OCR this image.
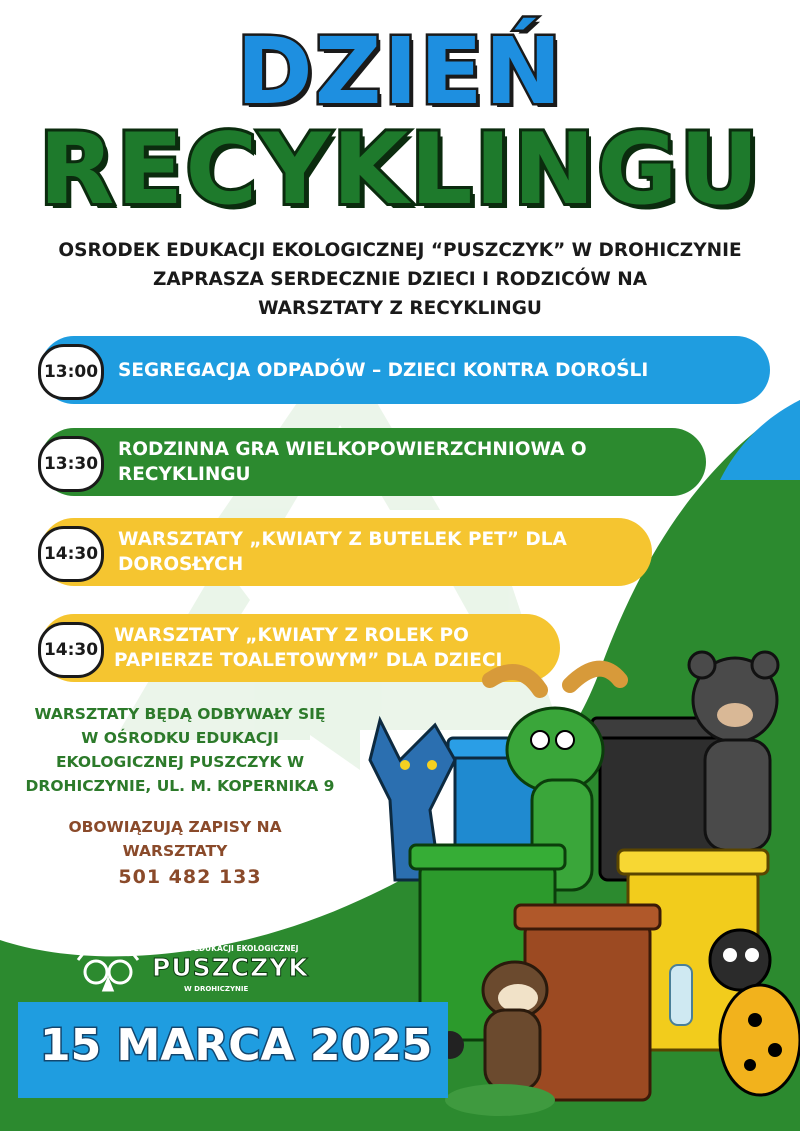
DZIEŃ
RECYKLINGU
OSRODEK EDUKACJI EKOLOGICZNEJ “PUSZCZYK” W DROHICZYNIE
ZAPRASZA SERDECZNIE DZIECI I RODZICÓW NA
WARSZTATY Z RECYKLINGU
13:00	SEGREGACJA ODPADÓW – DZIECI KONTRA DOROŚLI
13:30
RODZINNA GRA WIELKOPOWIERZCHNIOWA O
RECYKLINGU
14:30
WARSZTATY „KWIATY Z BUTELEK PET” DLA
DOROSŁYCH
14:30
WARSZTATY „KWIATY Z ROLEK PO
PAPIERZE TOALETOWYM” DLA DZIECI
WARSZTATY BĘDĄ ODBYWAŁY SIĘ
W OŚRODKU EDUKACJI
EKOLOGICZNEJ PUSZCZYK W
DROHICZYNIE, UL. M. KOPERNIKA 9
OBOWIĄZUJĄ ZAPISY NA
WARSZTATY
501 482 133
OŚRODEK EDUKACJI EKOLOGICZNEJ
PUSZCZYK
W DROHICZYNIE
15 MARCA 2025
